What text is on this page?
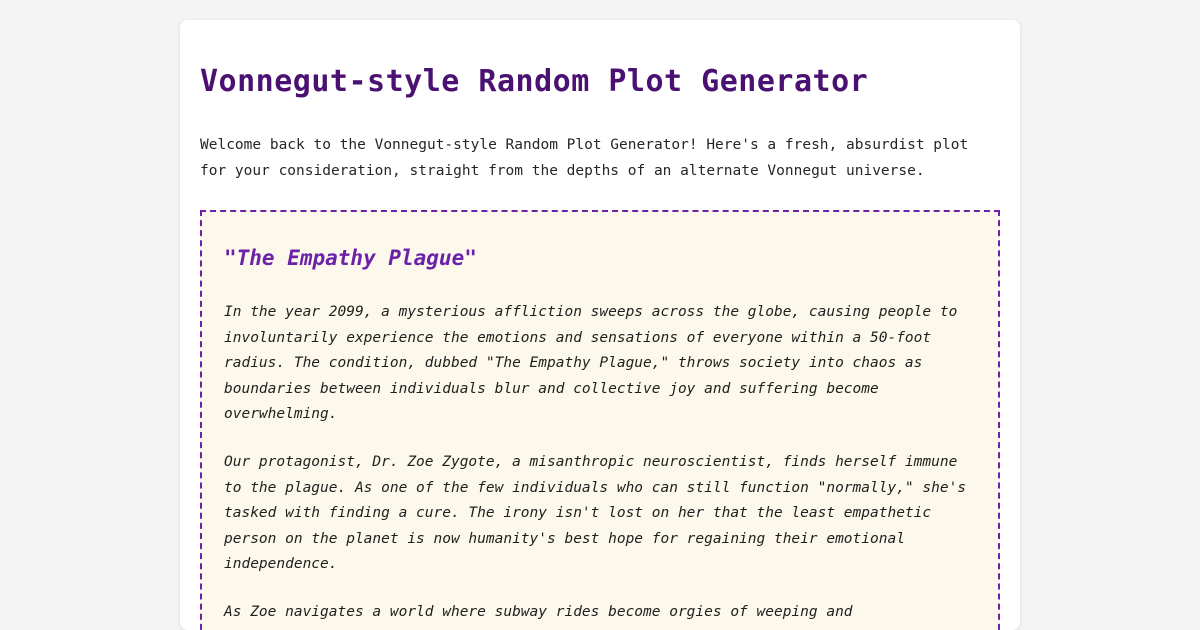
Vonnegut-style Random Plot Generator

Welcome back to the Vonnegut-style Random Plot Generator! Here's a fresh, absurdist plot for your consideration, straight from the depths of an alternate Vonnegut universe.

"The Empathy Plague"

In the year 2099, a mysterious affliction sweeps across the globe, causing people to involuntarily experience the emotions and sensations of everyone within a 50-foot radius. The condition, dubbed "The Empathy Plague," throws society into chaos as boundaries between individuals blur and collective joy and suffering become overwhelming.

Our protagonist, Dr. Zoe Zygote, a misanthropic neuroscientist, finds herself immune to the plague. As one of the few individuals who can still function "normally," she's tasked with finding a cure. The irony isn't lost on her that the least empathetic person on the planet is now humanity's best hope for regaining their emotional independence.

As Zoe navigates a world where subway rides become orgies of weeping and
